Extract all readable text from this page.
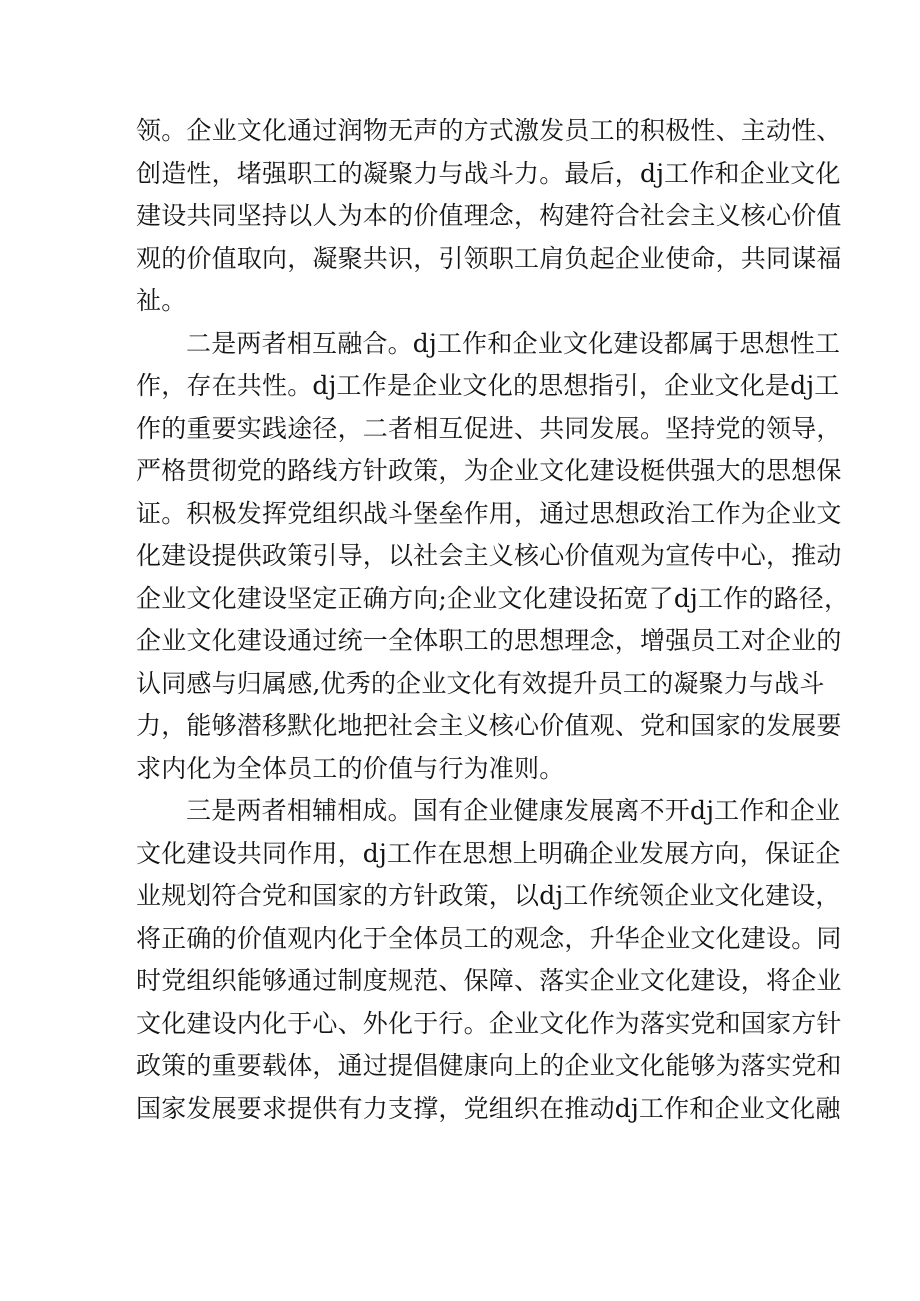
领。企业文化通过润物无声的方式激发员工的积极性、主动性、
创造性，堵强职工的凝聚力与战斗力。最后，dj工作和企业文化
建设共同坚持以人为本的价值理念，构建符合社会主义核心价值
观的价值取向，凝聚共识，引领职工肩负起企业使命，共同谋福
祉。
二是两者相互融合。dj工作和企业文化建设都属于思想性工
作，存在共性。dj工作是企业文化的思想指引，企业文化是dj工
作的重要实践途径，二者相互促进、共同发展。坚持党的领导，
严格贯彻党的路线方针政策，为企业文化建设梃供强大的思想保
证。积极发挥党组织战斗堡垒作用，通过思想政治工作为企业文
化建设提供政策引导，以社会主义核心价值观为宣传中心，推动
企业文化建设坚定正确方向;企业文化建设拓宽了dj工作的路径，
企业文化建设通过统一全体职工的思想理念，增强员工对企业的
认同感与归属感,优秀的企业文化有效提升员工的凝聚力与战斗
力，能够潜移默化地把社会主义核心价值观、党和国家的发展要
求内化为全体员工的价值与行为准则。
三是两者相辅相成。国有企业健康发展离不开dj工作和企业
文化建设共同作用，dj工作在思想上明确企业发展方向，保证企
业规划符合党和国家的方针政策，以dj工作统领企业文化建设，
将正确的价值观内化于全体员工的观念，升华企业文化建设。同
时党组织能够通过制度规范、保障、落实企业文化建设，将企业
文化建设内化于心、外化于行。企业文化作为落实党和国家方针
政策的重要载体，通过提倡健康向上的企业文化能够为落实党和
国家发展要求提供有力支撑，党组织在推动dj工作和企业文化融
